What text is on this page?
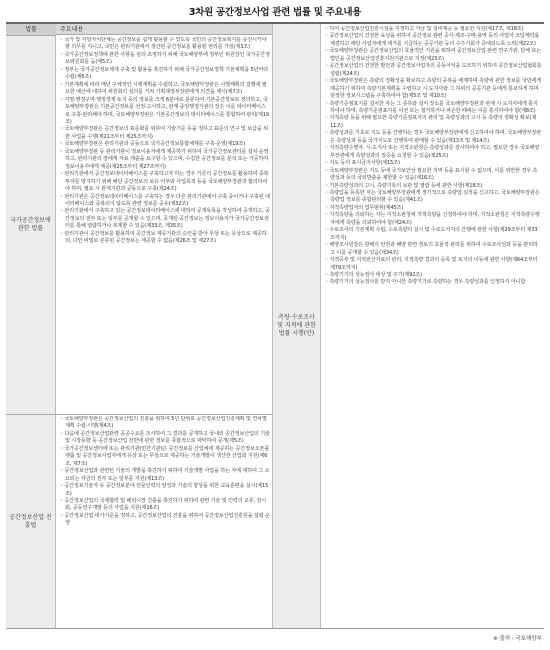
3차원 공간정보사업 관련 법률 및 주요내용
법률	주요내용
국가공간정보에 관한 법률

◦ 국가 및 지방자치단체는 공간정보를 쉽게 활용할 수 있도록 국민의 공간정보복지를 증진시키야 할 의무를 지니고, 국민은 관리기관에서 생산된 공간정보를 활용할 권리를 가짐(제3조)

◦ 국가공간정보정책에 관한 사항을 심의·조정하기 위해 국토해양부에 정부인 위원장인 국가공간정보위원회를 둠(제5조)

◦ 정부는 국가공간정보체계 구축 및 활용을 촉진하기 위해 국가공간정보정책 기본계획을 5년마다 수립(제6조)

◦ 기본계획에 따라 매년 구체적인 시행계획을 수립하고, 국토해양부장관은 시행계획의 집행에 필요한 예산에 대하여 위원회의 심의를 거쳐 기획재정부장관에게 의견을 제시(제7조)

◦ 지명·행정구역·행정경계·토지 등의 정보를 크게 6분야로 분류하여 기본공간정보로 정의하고, 국토해양부장관은 기본공간정보를 선정·고시하고, 관계 중앙행정기관의 장은 이를 데이터베이스로 구축·관리해야 하며, 국토해양부장관은 기본공간정보의 데이터베이스를 통합하여 관리(제19조)

◦ 국토해양부장관은 공간정보의 표준화를 위하여 기술기준 등을 정하고 표준의 연구 및 보급을 위한 사업을 수행(제21조부터 제25조까지)

◦ 국토해양부장관은 관리기관과 공동으로 국가공간정보통합체계를 구축·운영(제19조)

◦ 국토해양부장관 등 관리기관이 정보이용자에게 제공하기 위하여 국가공간정보센터를 설치·운영하고, 관리기관의 장에게 자료 제출을 요구할 수 있으며, 수집한 공간정보를 분석 또는 가공하여 정보이용자에게 제공(제25조부터 제27조까지)

◦ 관리기관에서 공간정보데이터베이스를 구축하고자 하는 경우 기존의 공간정보를 활용하여 중복투자를 방지하기 위해 해당 공간정보의 보유 여부와 사업목적 등을 국토해양부장관과 협의하여야 하며, 필요 시 관계기관과 공동으로 구축(제24조)

◦ 관리기관은 공간정보데이터베이스를 구축하는 경우 다른 관리기관에서 구축 중이거나 구축된 데이터베이스와 중복되지 않도록 관련 정보를 공유(제32조)

◦ 관리기관에서 구축하고 있는 공간정보데이터베이스에 대하여 공개목록을 작성하여 공개하고, 공간정보의 전부 또는 일부를 공개할 수 있으며, 공개된 공간정보는 정보이용자가 국가공간정보센터를 통해 열람하거나 복제할 수 있음(제33조, 제35조)

◦ 관리기관이 공간정보를 활용하여 공간정보 제공기관의 승인을 받아 무상 또는 유상으로 제공하되, 다만 비밀로 분류된 공간정보는 제공할 수 없음(제26조 및 제27조)

공간정보산업 진흥법

◦ 국토해양부장관은 공간정보산업의 진흥을 위하여 5년 단위로 공간정보산업진흥계획 및 연차별계획 수립·시행(제4조)

◦ 다음에 공간정보산업관련 공공수요를 조사하여 그 결과를 공개하고 국내외 공간정보산업의 기술 및 시장동향 등 공간정보산업 전반에 관한 정보를 종합적으로 파악하여 공개(제5조)

◦ 국가공간정보센터에 또는 관리기관(민간기관)은 공간정보를 산업체에 제공하는 공간정보오픈플랫폼 및 공간정보사업자에게 유상 또는 무상으로 제공하는 기술개발이 생산한 산업화 지원(제6조, 제7조)

◦ 공간정보산업과 관련된 기술의 개발을 촉진하기 위하여 기술개발 사업을 하는 자에 대하여 그 소요되는 자금의 전부 또는 일부를 지원(제13조)

◦ 공간정보기술자 등 공간정보분야 전문인력의 양성과 기술의 향상을 위한 교육훈련을 실시(제15조)

◦ 공간정보산업의 국제협력 및 해외시장 진출을 촉진하기 위하여 관련 기술 및 인력의 교류, 전시회, 공동연구개발 등의 사업을 지원(제16조)

◦ 공간정보산업 대가기준을 정하고, 공간정보산업의 진흥을 위하여 공간정보산업진흥원을 설립·운영

측량·수로조사 및 지적에 관한 법률 시행(안)

◦ 하여 공간정보산업진흥시설을 지정하고 자금 및 설비제공 등 필요한 지원(제17조, 제18조)

◦ 공간정보산업의 건전한 육성을 위하여 공간정보 관련 공사·제조·구매·용역 등의 사업자 조달계약을 체결하고 해당 사업자에게 대가를 지급하는 공공기관 등의 수주기회가 증대되도록 노력(제22조)

◦ 국토해양부장관은 공간정보산업의 효율적인 지원을 위하여 공간정보산업 관련 연구기관, 단체 또는 법인을 공간정보산업진흥지원기관으로 지정(제23조)

◦ 공간정보산업의 건전한 발전과 공간정보사업자의 공동이익을 도모하기 위하여 공간정보산업협회를 설립(제24조)

◦ 국토해양부장관은 측량의 정확성을 확보하고 측량의 중복을 배제하며 측량에 관한 정보를 국민에게 제공하기 위하여 측량기본계획을 수립하고 시·도지사와 그 하위의 공공기관 등에게 통보하게 하며 일정한 정보시스템을 구축하여야 함(제5조 및 제10조)

◦ 측량기준점표지를 설치한 자는 그 종류와 설치 장소를 국토해양부장관과 관계 시·도지사에게 통지하여야 하며, 측량기준점표지를 이전 또는 철거하거나 파손한 때에는 이를 통지하여야 함(제8조)

◦ 지적측량 등을 위해 필요한 측량기준점표지의 관리 및 측량성과의 고시 등 측량의 정확성 확보(제11조)

◦ 측량성과를 기초로 지도 등을 간행하는 경우 국토해양부장관에게 신고하여야 하며, 국토해양부장관은 측량성과 등을 국가지도로 간행하여 판매할 수 있음(제13조 및 제14조)

◦ 지적측량수행자, 시·도지사 또는 지적소관청은 측량성과를 검사하여야 하고, 필요한 경우 국토해양부장관에게 측량성과의 검증을 요청할 수 있음(제25조)

◦ 지도 등의 표시금지사항(제15조)

◦ 국토해양부장관은 지도 등에 국가보안상 필요한 지역 등을 표시할 수 없으며, 이를 위반한 경우 측량성과 등의 국외반출을 제한할 수 있음(제16조)

◦ 기본측량성과의 고시, 측량기록의 보관 및 열람 등에 관한 사항(제18조)

◦ 측량업을 등록한 자는 국토해양부장관에게 정기적으로 측량업 실적을 신고하고, 국토해양부장관은 측량업 정보를 종합관리할 수 있음(제41조)

◦ 지적측량업자의 업무범위(제45조)

◦ 지적측량을 의뢰하는 자는 지적소관청에 지적측량을 신청하여야 하며, 지적소관청은 지적측량수행자에게 측량을 의뢰하여야 함(제24조)

◦ 수로조사의 기본계획 수립, 수로측량의 실시 및 수로도서지의 간행에 관한 사항(제29조부터 제33조까지)

◦ 해양조사원장은 항해의 안전과 해양 관련 정보의 효율적 관리를 위하여 수로조사성과 등을 관리하고 이를 공개할 수 있음(제34조)

◦ 지적공부 및 지적전산자료의 관리, 지적측량 결과의 등록 및 토지의 이동에 관한 사항(제64조부터 제79조까지)

◦ 측량기기의 성능검사 대상 및 주기(제92조)

◦ 측량기기의 성능검사를 받지 아니한 측량기기로 측량하는 경우 측량성과를 인정하지 아니함

※ 출처 : 국토해양부
